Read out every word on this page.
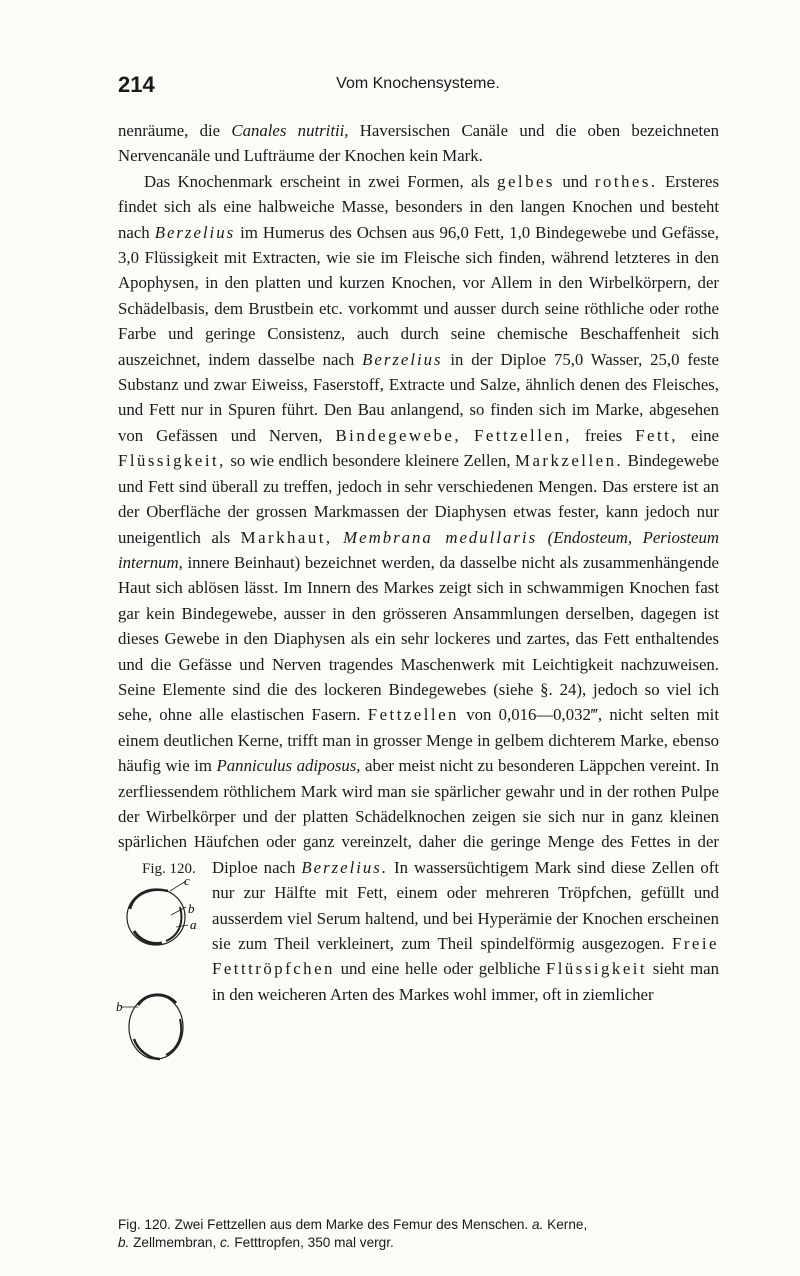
214	Vom Knochensysteme.

nenräume, die Canales nutritii, Haversischen Canäle und die oben bezeichneten Nervencanäle und Lufträume der Knochen kein Mark.

Das Knochenmark erscheint in zwei Formen, als gelbes und rothes. Ersteres findet sich als eine halbweiche Masse, besonders in den langen Knochen und besteht nach Berzelius im Humerus des Ochsen aus 96,0 Fett, 1,0 Bindegewebe und Gefässe, 3,0 Flüssigkeit mit Extracten, wie sie im Fleische sich finden, während letzteres in den Apophysen, in den platten und kurzen Knochen, vor Allem in den Wirbelkörpern, der Schädelbasis, dem Brustbein etc. vorkommt und ausser durch seine röthliche oder rothe Farbe und geringe Consistenz, auch durch seine chemische Beschaffenheit sich auszeichnet, indem dasselbe nach Berzelius in der Diploe 75,0 Wasser, 25,0 feste Substanz und zwar Eiweiss, Faserstoff, Extracte und Salze, ähnlich denen des Fleisches, und Fett nur in Spuren führt. Den Bau anlangend, so finden sich im Marke, abgesehen von Gefässen und Nerven, Bindegewebe, Fettzellen, freies Fett, eine Flüssigkeit, so wie endlich besondere kleinere Zellen, Markzellen. Bindegewebe und Fett sind überall zu treffen, jedoch in sehr verschiedenen Mengen. Das erstere ist an der Oberfläche der grossen Markmassen der Diaphysen etwas fester, kann jedoch nur uneigentlich als Markhaut, Membrana medullaris (Endosteum, Periosteum internum, innere Beinhaut) bezeichnet werden, da dasselbe nicht als zusammenhängende Haut sich ablösen lässt. Im Innern des Markes zeigt sich in schwammigen Knochen fast gar kein Bindegewebe, ausser in den grösseren Ansammlungen derselben, dagegen ist dieses Gewebe in den Diaphysen als ein sehr lockeres und zartes, das Fett enthaltendes und die Gefässe und Nerven tragendes Maschenwerk mit Leichtigkeit nachzuweisen. Seine Elemente sind die des lockeren Bindegewebes (siehe §. 24), jedoch so viel ich sehe, ohne alle elastischen Fasern. Fettzellen von 0,016—0,032‴, nicht selten mit einem deutlichen Kerne, trifft man in grosser Menge in gelbem dichterem Marke, ebenso häufig wie im Panniculus adiposus, aber meist nicht zu besonderen Läppchen vereint. In zerfliessendem röthlichem Mark wird man sie spärlicher gewahr und in der rothen Pulpe der Wirbelkörper und der platten Schädelknochen zeigen sie sich nur in ganz kleinen spärlichen Häufchen oder ganz vereinzelt, daher die geringe Menge des Fettes in der Diploe nach
Fig. 120.
c
b
a
b
Berzelius. In wassersüchtigem Mark sind diese Zellen oft nur zur Hälfte mit Fett, einem oder mehreren Tröpfchen, gefüllt und ausserdem viel Serum haltend, und bei Hyperämie der Knochen erscheinen sie zum Theil verkleinert, zum Theil spindelförmig ausgezogen. Freie Fetttröpfchen und eine helle oder gelbliche Flüssigkeit sieht man in den weicheren Arten des Markes wohl immer, oft in ziemlicher

Fig. 120. Zwei Fettzellen aus dem Marke des Femur des Menschen. a. Kerne,
b. Zellmembran, c. Fetttropfen, 350 mal vergr.
